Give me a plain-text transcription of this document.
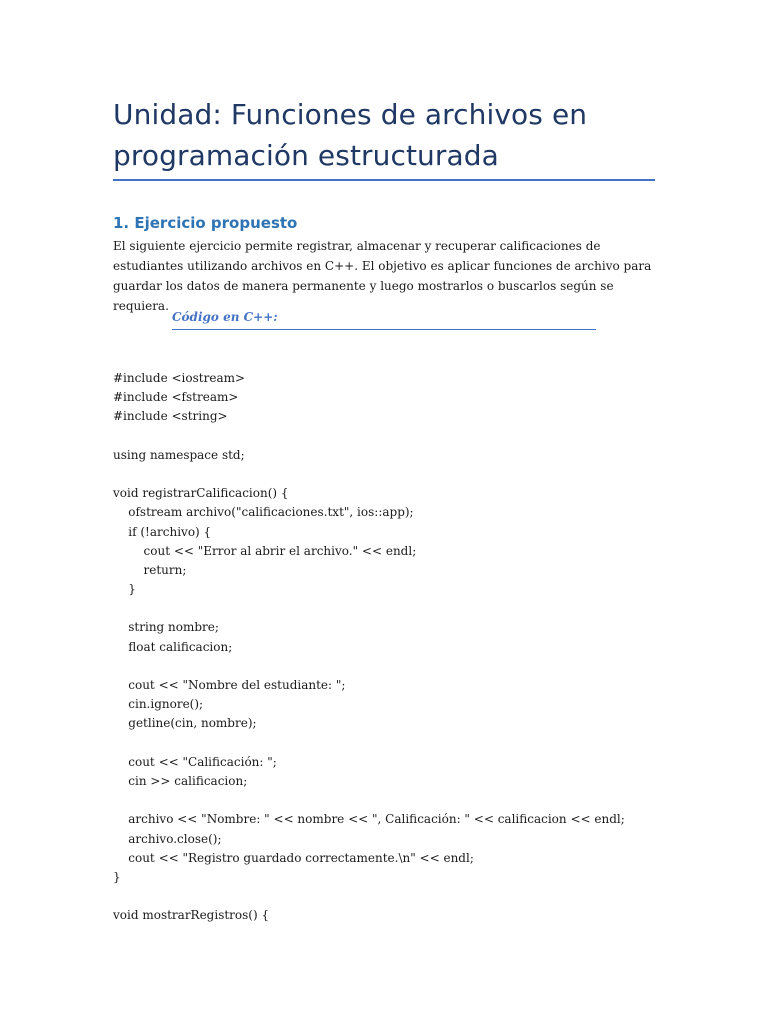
Unidad: Funciones de archivos en programación estructurada
1. Ejercicio propuesto

El siguiente ejercicio permite registrar, almacenar y recuperar calificaciones de estudiantes utilizando archivos en C++. El objetivo es aplicar funciones de archivo para guardar los datos de manera permanente y luego mostrarlos o buscarlos según se requiera.

Código en C++:

#include <iostream>
#include <fstream>
#include <string>
using namespace std;
void registrarCalificacion() {
ofstream archivo("calificaciones.txt", ios::app);
if (!archivo) {
cout << "Error al abrir el archivo." << endl;
return;
}
string nombre;
float calificacion;
cout << "Nombre del estudiante: ";
cin.ignore();
getline(cin, nombre);
cout << "Calificación: ";
cin >> calificacion;
archivo << "Nombre: " << nombre << ", Calificación: " << calificacion << endl;
archivo.close();
cout << "Registro guardado correctamente.\n" << endl;
}
void mostrarRegistros() {
